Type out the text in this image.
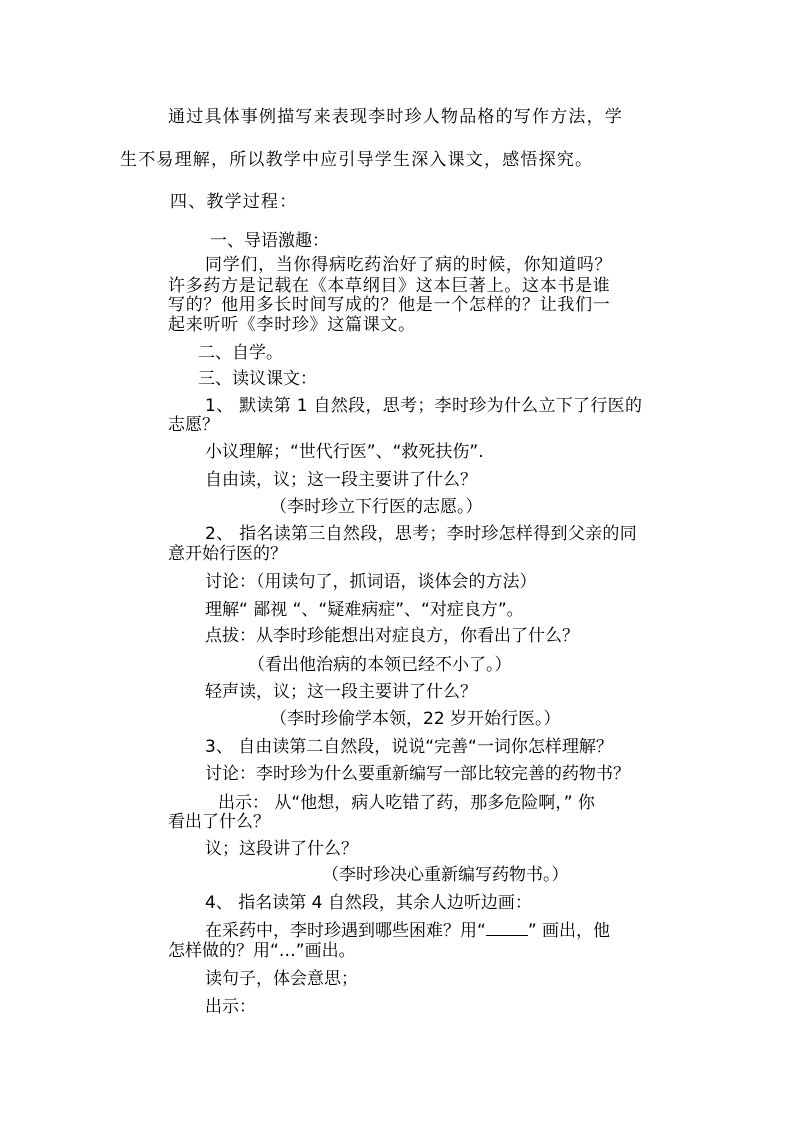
通过具体事例描写来表现李时珍人物品格的写作方法，学
生不易理解，所以教学中应引导学生深入课文，感悟探究。
四、教学过程：
一、导语激趣：
同学们，当你得病吃药治好了病的时候，你知道吗？
许多药方是记载在《本草纲目》这本巨著上。这本书是谁
写的？他用多长时间写成的？他是一个怎样的？让我们一
起来听听《李时珍》这篇课文。
二、自学。
三、读议课文：
1、 默读第 1 自然段，思考；李时珍为什么立下了行医的
志愿？
小议理解；“世代行医”、“救死扶伤”.
自由读，议；这一段主要讲了什么？
（李时珍立下行医的志愿。）
2、 指名读第三自然段，思考；李时珍怎样得到父亲的同
意开始行医的？
讨论：（用读句了，抓词语，谈体会的方法）
理解“ 鄙视 “、“疑难病症”、“对症良方”。
点拔：从李时珍能想出对症良方，你看出了什么？
（看出他治病的本领已经不小了。）
轻声读，议；这一段主要讲了什么？
（李时珍偷学本领，22 岁开始行医。）
3、 自由读第二自然段，说说“完善“一词你怎样理解？
讨论：李时珍为什么要重新编写一部比较完善的药物书？
出示： 从“他想，病人吃错了药，那多危险啊，” 你
看出了什么？
议；这段讲了什么？
（李时珍决心重新编写药物书。）
4、 指名读第 4 自然段，其余人边听边画：
在采药中，李时珍遇到哪些困难？用“ ” 画出，他
怎样做的？用“…”画出。
读句子，体会意思；
出示：
